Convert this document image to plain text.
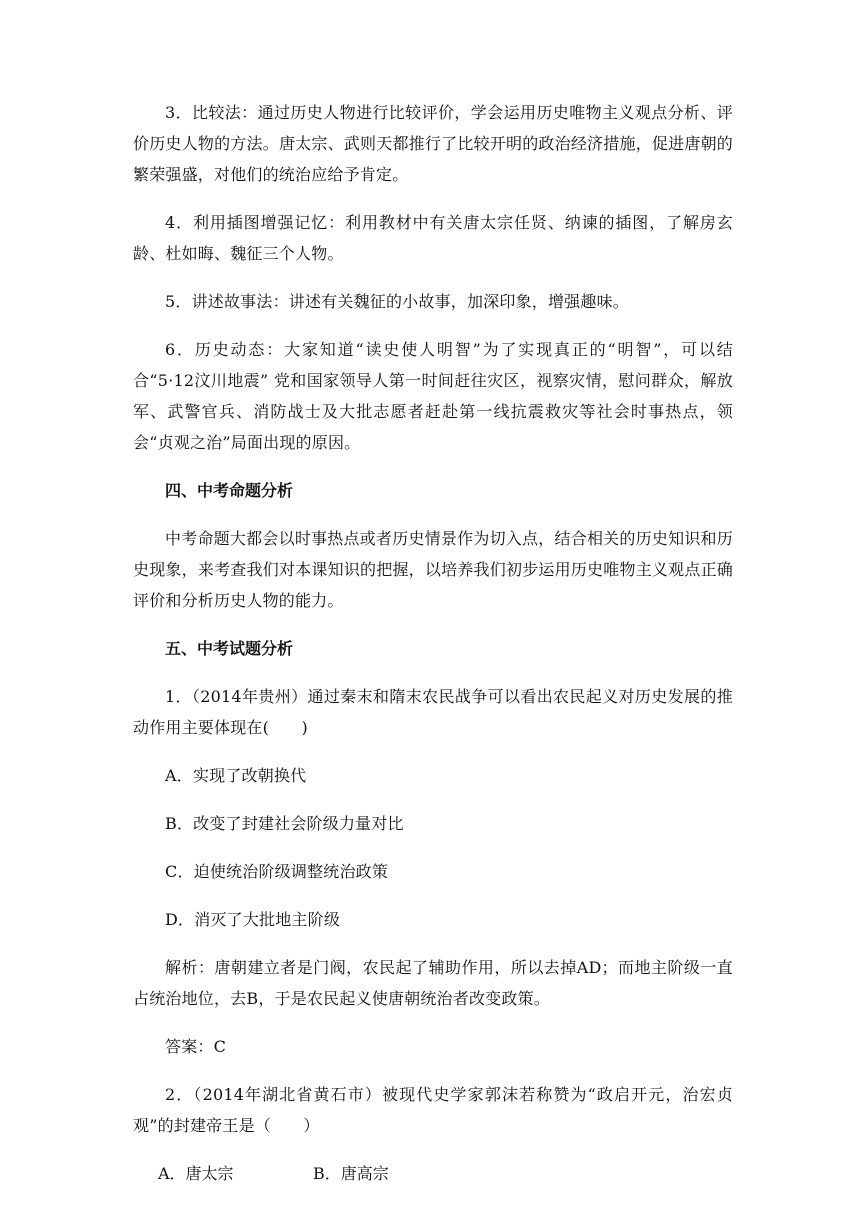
3．比较法：通过历史人物进行比较评价，学会运用历史唯物主义观点分析、评价历史人物的方法。唐太宗、武则天都推行了比较开明的政治经济措施，促进唐朝的繁荣强盛，对他们的统治应给予肯定。

4．利用插图增强记忆：利用教材中有关唐太宗任贤、纳谏的插图，了解房玄龄、杜如晦、魏征三个人物。

5．讲述故事法：讲述有关魏征的小故事，加深印象，增强趣味。

6．历史动态：大家知道“读史使人明智”为了实现真正的“明智”，可以结合“5·12汶川地震” 党和国家领导人第一时间赶往灾区，视察灾情，慰问群众，解放军、武警官兵、消防战士及大批志愿者赶赴第一线抗震救灾等社会时事热点，领会“贞观之治”局面出现的原因。

四、中考命题分析

中考命题大都会以时事热点或者历史情景作为切入点，结合相关的历史知识和历史现象，来考查我们对本课知识的把握，以培养我们初步运用历史唯物主义观点正确评价和分析历史人物的能力。

五、中考试题分析

1．（2014年贵州）通过秦末和隋末农民战争可以看出农民起义对历史发展的推动作用主要体现在(　　)

A．实现了改朝换代

B．改变了封建社会阶级力量对比

C．迫使统治阶级调整统治政策

D．消灭了大批地主阶级

解析：唐朝建立者是门阀，农民起了辅助作用，所以去掉AD；而地主阶级一直占统治地位，去B，于是农民起义使唐朝统治者改变政策。

答案：C

2．（2014年湖北省黄石市）被现代史学家郭沫若称赞为“政启开元，治宏贞观”的封建帝王是（　　）

A．唐太宗	B．唐高宗
